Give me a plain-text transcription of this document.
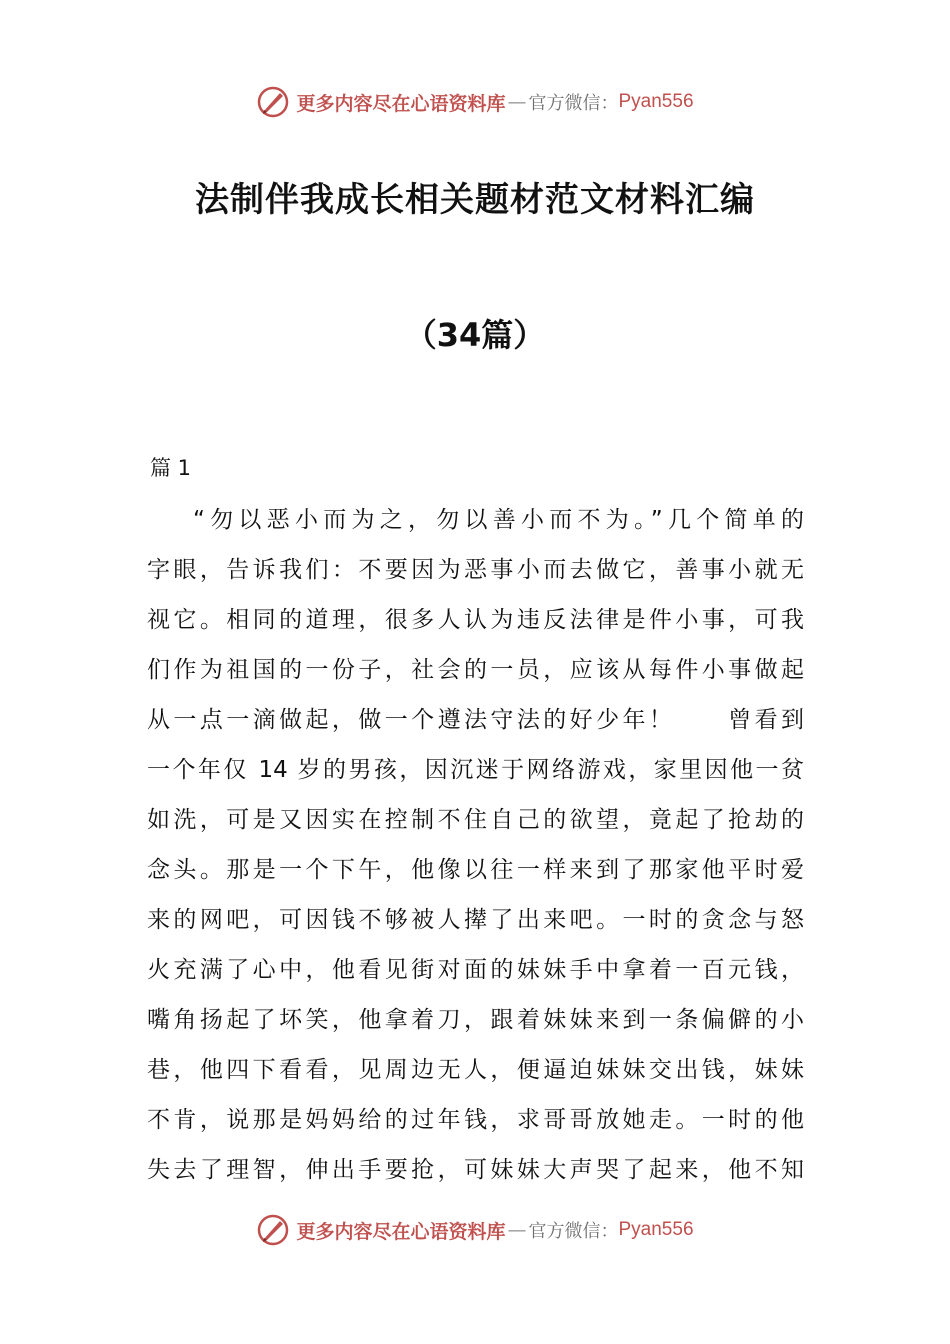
更多内容尽在心语资料库 — 官方微信： Pyan556
法制伴我成长相关题材范文材料汇编
（34篇）
篇 1
“勿以恶小而为之，勿以善小而不为。”几个简单的
字眼，告诉我们：不要因为恶事小而去做它，善事小就无
视它。相同的道理，很多人认为违反法律是件小事，可我
们作为祖国的一份子，社会的一员，应该从每件小事做起
从一点一滴做起，做一个遵法守法的好少年！　　曾看到
一个年仅 14 岁的男孩，因沉迷于网络游戏，家里因他一贫
如洗，可是又因实在控制不住自己的欲望，竟起了抢劫的
念头。那是一个下午，他像以往一样来到了那家他平时爱
来的网吧，可因钱不够被人撵了出来吧。一时的贪念与怒
火充满了心中，他看见街对面的妹妹手中拿着一百元钱，
嘴角扬起了坏笑，他拿着刀，跟着妹妹来到一条偏僻的小
巷，他四下看看，见周边无人，便逼迫妹妹交出钱，妹妹
不肯，说那是妈妈给的过年钱，求哥哥放她走。一时的他
失去了理智，伸出手要抢，可妹妹大声哭了起来，他不知
更多内容尽在心语资料库 — 官方微信： Pyan556
